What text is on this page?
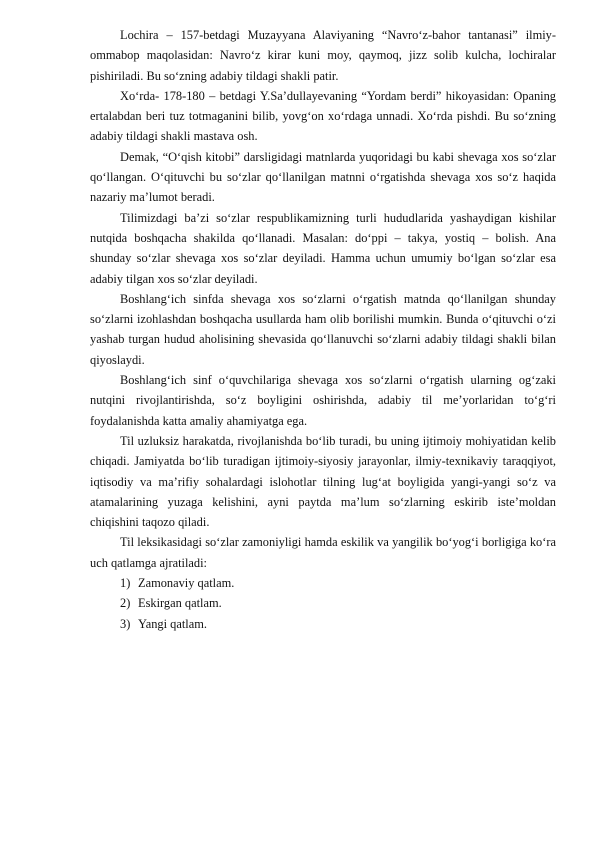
Lochira – 157-betdagi Muzayyana Alaviyaning “Navro‘z-bahor tantanasi” ilmiy-ommabop maqolasidan: Navro‘z kirar kuni moy, qaymoq, jizz solib kulcha, lochiralar pishiriladi. Bu so‘zning adabiy tildagi shakli patir.

Xo‘rda- 178-180 – betdagi Y.Sa’dullayevaning “Yordam berdi” hikoyasidan: Opaning ertalabdan beri tuz totmaganini bilib, yovg‘on xo‘rdaga unnadi. Xo‘rda pishdi. Bu so‘zning adabiy tildagi shakli mastava osh.

Demak, “O‘qish kitobi” darsligidagi matnlarda yuqoridagi bu kabi shevaga xos so‘zlar qo‘llangan. O‘qituvchi bu so‘zlar qo‘llanilgan matnni o‘rgatishda shevaga xos so‘z haqida nazariy ma’lumot beradi.

Tilimizdagi ba’zi so‘zlar respublikamizning turli hududlarida yashaydigan kishilar nutqida boshqacha shakilda qo‘llanadi. Masalan: do‘ppi – takya, yostiq – bolish. Ana shunday so‘zlar shevaga xos so‘zlar deyiladi. Hamma uchun umumiy bo‘lgan so‘zlar esa adabiy tilgan xos so‘zlar deyiladi.

Boshlang‘ich sinfda shevaga xos so‘zlarni o‘rgatish matnda qo‘llanilgan shunday so‘zlarni izohlashdan boshqacha usullarda ham olib borilishi mumkin. Bunda o‘qituvchi o‘zi yashab turgan hudud aholisining shevasida qo‘llanuvchi so‘zlarni adabiy tildagi shakli bilan qiyoslaydi.

Boshlang‘ich sinf o‘quvchilariga shevaga xos so‘zlarni o‘rgatish ularning og‘zaki nutqini rivojlantirishda, so‘z boyligini oshirishda, adabiy til me’yorlaridan to‘g‘ri foydalanishda katta amaliy ahamiyatga ega.

Til uzluksiz harakatda, rivojlanishda bo‘lib turadi, bu uning ijtimoiy mohiyatidan kelib chiqadi. Jamiyatda bo‘lib turadigan ijtimoiy-siyosiy jarayonlar, ilmiy-texnikaviy taraqqiyot, iqtisodiy va ma’rifiy sohalardagi islohotlar tilning lug‘at boyligida yangi-yangi so‘z va atamalarining yuzaga kelishini, ayni paytda ma’lum so‘zlarning eskirib iste’moldan chiqishini taqozo qiladi.

Til leksikasidagi so‘zlar zamoniyligi hamda eskilik va yangilik bo‘yog‘i borligiga ko‘ra uch qatlamga ajratiladi:

1) Zamonaviy qatlam.
2) Eskirgan qatlam.
3) Yangi qatlam.
